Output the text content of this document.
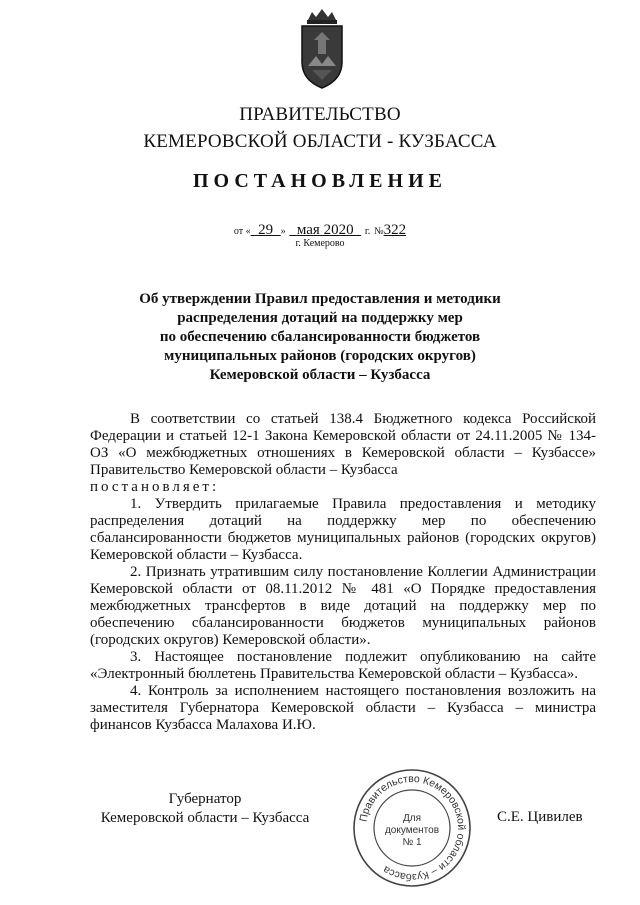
ПРАВИТЕЛЬСТВО
КЕМЕРОВСКОЙ ОБЛАСТИ - КУЗБАССА
ПОСТАНОВЛЕНИЕ
от « 29 » мая 2020 г. №322
г. Кемерово
Об утверждении Правил предоставления и методики
распределения дотаций на поддержку мер
по обеспечению сбалансированности бюджетов
муниципальных районов (городских округов)
Кемеровской области – Кузбасса

В соответствии со статьей 138.4 Бюджетного кодекса Российской Федерации и статьей 12-1 Закона Кемеровской области от 24.11.2005 № 134-ОЗ «О межбюджетных отношениях в Кемеровской области – Кузбассе» Правительство Кемеровской области – Кузбасса

постановляет:

1. Утвердить прилагаемые Правила предоставления и методику распределения дотаций на поддержку мер по обеспечению сбалансированности бюджетов муниципальных районов (городских округов) Кемеровской области – Кузбасса.

2. Признать утратившим силу постановление Коллегии Администрации Кемеровской области от 08.11.2012 № 481 «О Порядке предоставления межбюджетных трансфертов в виде дотаций на поддержку мер по обеспечению сбалансированности бюджетов муниципальных районов (городских округов) Кемеровской области».

3. Настоящее постановление подлежит опубликованию на сайте «Электронный бюллетень Правительства Кемеровской области – Кузбасса».

4. Контроль за исполнением настоящего постановления возложить на заместителя Губернатора Кемеровской области – Кузбасса – министра финансов Кузбасса Малахова И.Ю.

Губернатор
Кемеровской области – Кузбасса	С.Е. Цивилев
Правительство Кемеровской области – Кузбасса
Для
документов
№ 1
